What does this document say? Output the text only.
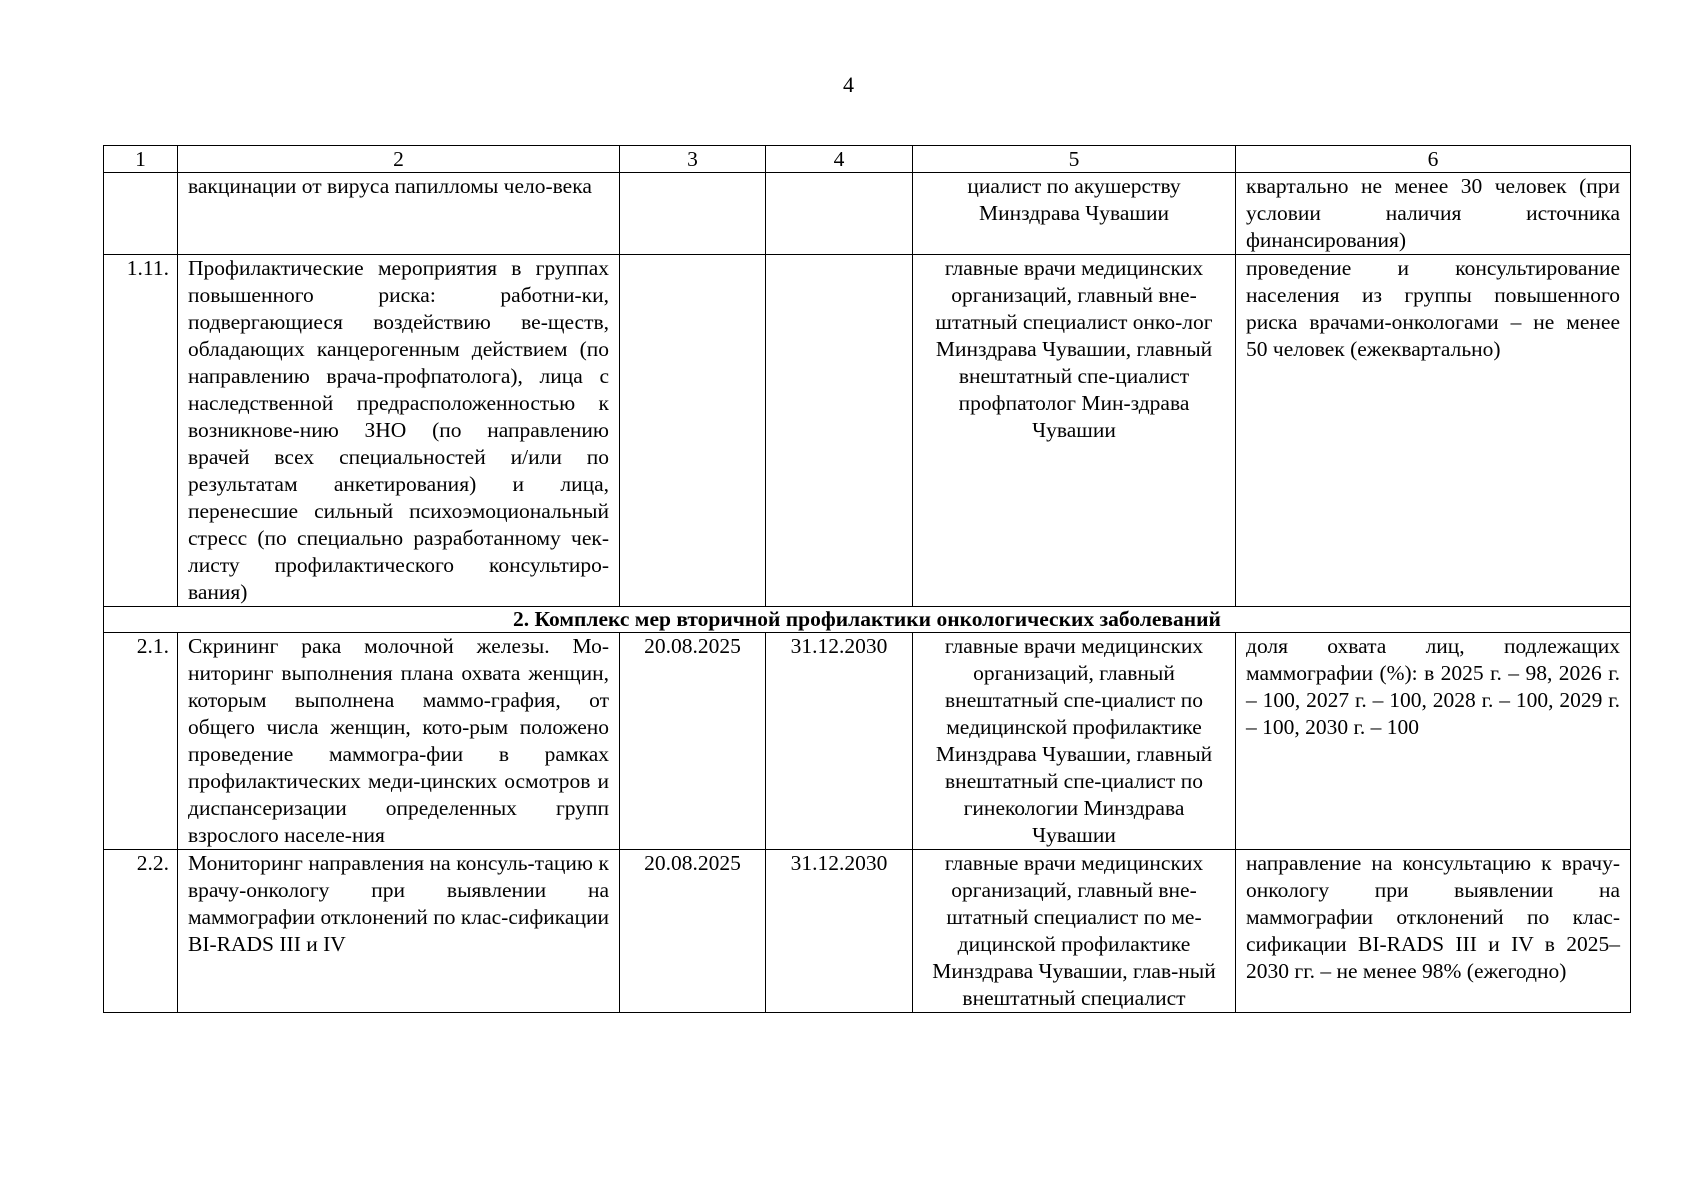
4
1	2	3	4	5	6
	вакцинации от вируса папилломы чело-века			циалист по акушерству Минздрава Чувашии	квартально не менее 30 человек (при условии наличия источника финансирования)
1.11.	Профилактические мероприятия в группах повышенного риска: работни-ки, подвергающиеся воздействию ве-ществ, обладающих канцерогенным действием (по направлению врача-профпатолога), лица с наследственной предрасположенностью к возникнове-нию ЗНО (по направлению врачей всех специальностей и/или по результатам анкетирования) и лица, перенесшие сильный психоэмоциональный стресс (по специально разработанному чек-листу профилактического консультиро-вания)			главные врачи медицинских организаций, главный вне-штатный специалист онко-лог Минздрава Чувашии, главный внештатный спе-циалист профпатолог Мин-здрава Чувашии	проведение и консультирование населения из группы повышенного риска врачами-онкологами – не менее 50 человек (ежеквартально)
2. Комплекс мер вторичной профилактики онкологических заболеваний					
2.1.	Скрининг рака молочной железы. Мо-ниторинг выполнения плана охвата женщин, которым выполнена маммо-графия, от общего числа женщин, кото-рым положено проведение маммогра-фии в рамках профилактических меди-цинских осмотров и диспансеризации определенных групп взрослого населе-ния	20.08.2025	31.12.2030	главные врачи медицинских организаций, главный внештатный спе-циалист по медицинской профилактике Минздрава Чувашии, главный внештатный спе-циалист по гинекологии Минздрава Чувашии	доля охвата лиц, подлежащих маммографии (%): в 2025 г. – 98, 2026 г. – 100, 2027 г. – 100, 2028 г. – 100, 2029 г. – 100, 2030 г. – 100
2.2.	Мониторинг направления на консуль-тацию к врачу-онкологу при выявлении на маммографии отклонений по клас-сификации BI-RADS III и IV	20.08.2025	31.12.2030	главные врачи медицинских организаций, главный вне-штатный специалист по ме-дицинской профилактике Минздрава Чувашии, глав-ный внештатный специалист	направление на консультацию к врачу-онкологу при выявлении на маммографии отклонений по клас-сификации BI-RADS III и IV в 2025–2030 гг. – не менее 98% (ежегодно)
